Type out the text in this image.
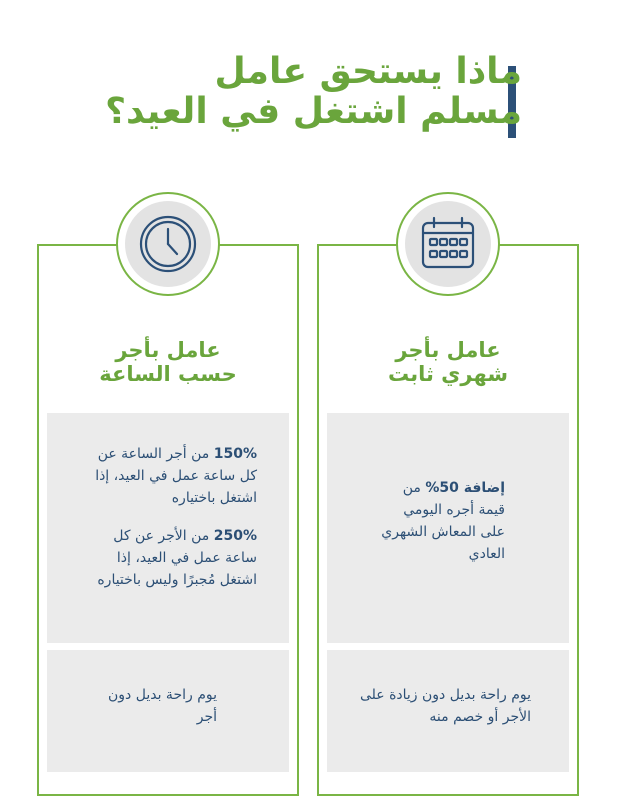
ماذا يستحق عامل
مسلم اشتغل في العيد؟
عامل بأجر
شهري ثابت
إضافة 50% من قيمة أجره اليومي على المعاش الشهري العادي
يوم راحة بديل دون زيادة على الأجر أو خصم منه
عامل بأجر
حسب الساعة
150% من أجر الساعة عن كل ساعة عمل في العيد، إذا اشتغل باختياره
250% من الأجر عن كل ساعة عمل في العيد، إذا اشتغل مُجبرًا وليس باختياره
يوم راحة بديل دون أجر
